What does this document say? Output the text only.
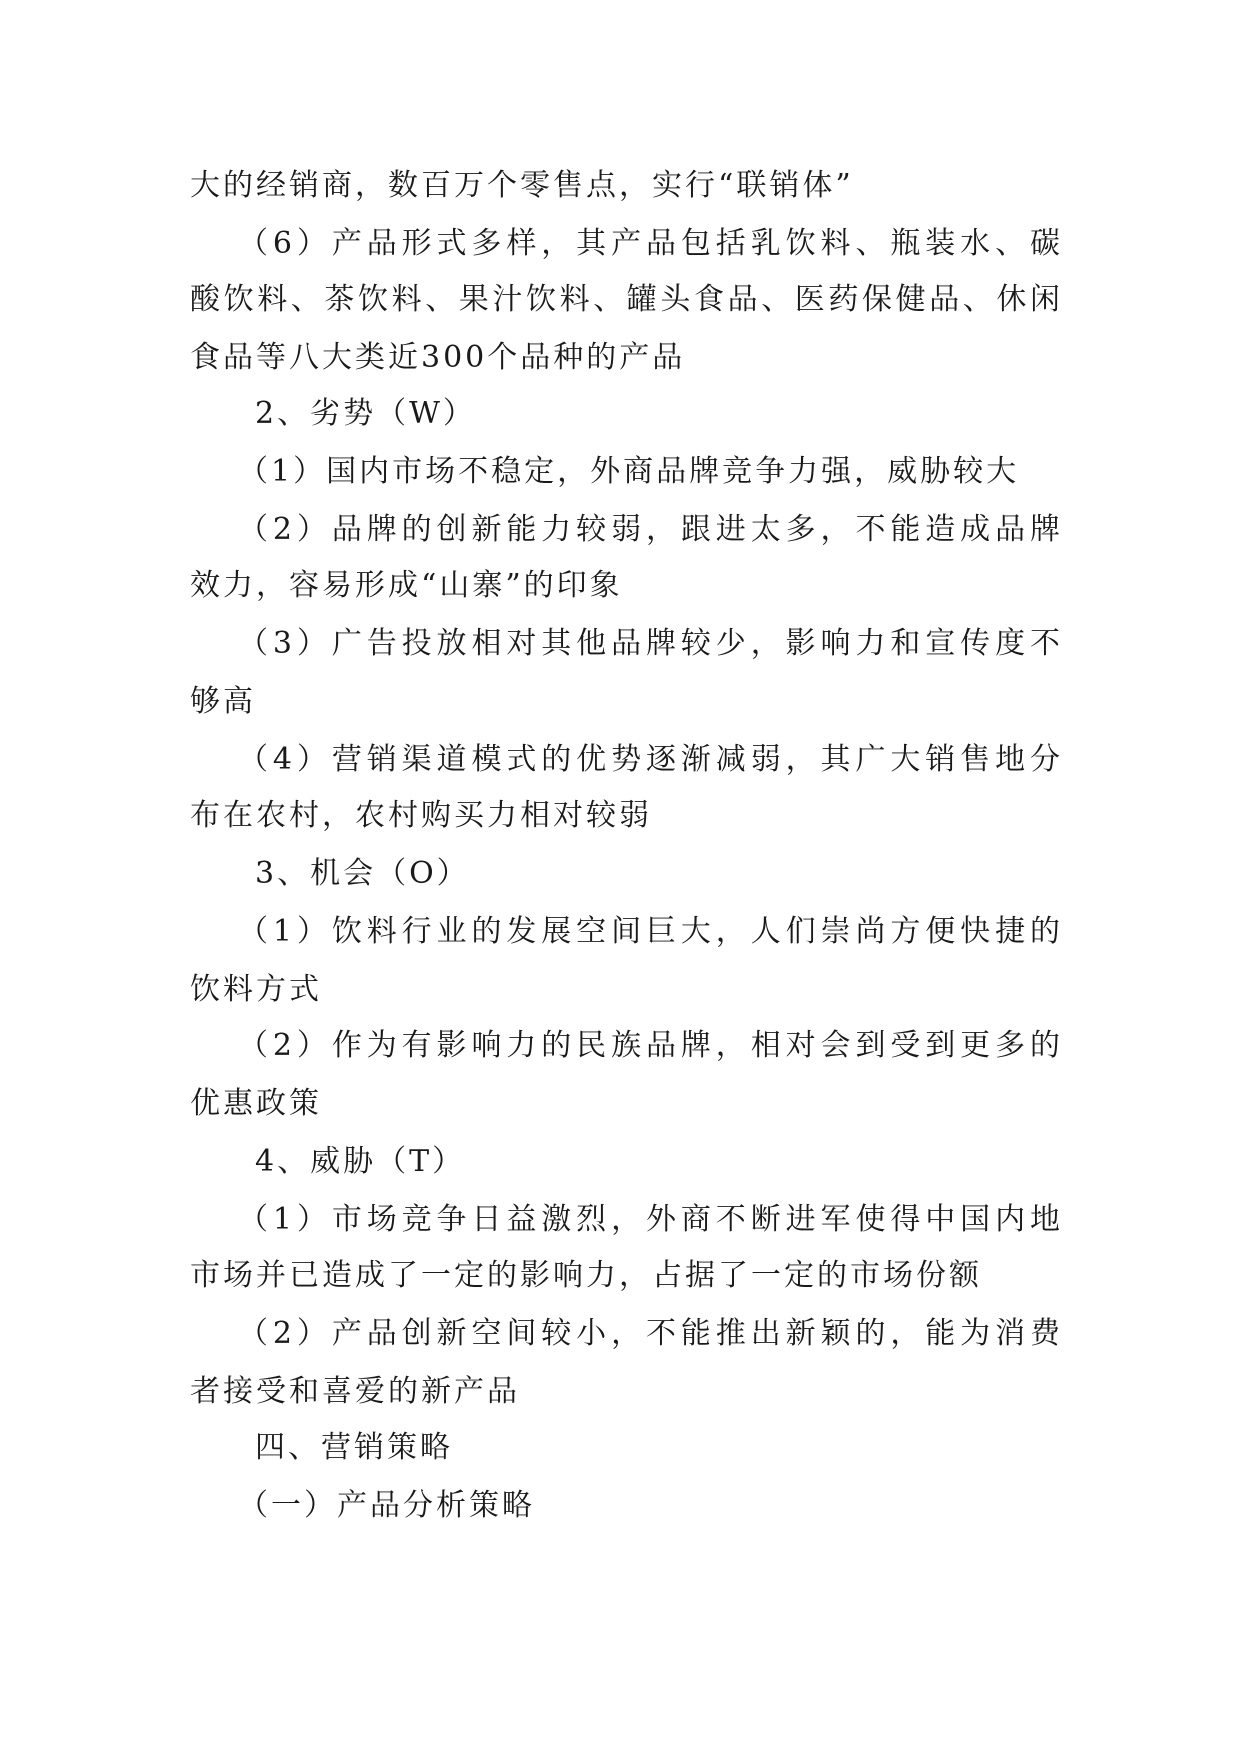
大的经销商，数百万个零售点，实行“联销体”

（6）产品形式多样，其产品包括乳饮料、瓶装水、碳

酸饮料、茶饮料、果汁饮料、罐头食品、医药保健品、休闲

食品等八大类近300个品种的产品

2、劣势（W）

（1）国内市场不稳定，外商品牌竞争力强，威胁较大

（2）品牌的创新能力较弱，跟进太多，不能造成品牌

效力，容易形成“山寨”的印象

（3）广告投放相对其他品牌较少，影响力和宣传度不

够高

（4）营销渠道模式的优势逐渐减弱，其广大销售地分

布在农村，农村购买力相对较弱

3、机会（O）

（1）饮料行业的发展空间巨大，人们崇尚方便快捷的

饮料方式

（2）作为有影响力的民族品牌，相对会到受到更多的

优惠政策

4、威胁（T）

（1）市场竞争日益激烈，外商不断进军使得中国内地

市场并已造成了一定的影响力，占据了一定的市场份额

（2）产品创新空间较小，不能推出新颖的，能为消费

者接受和喜爱的新产品

四、营销策略

（一）产品分析策略
